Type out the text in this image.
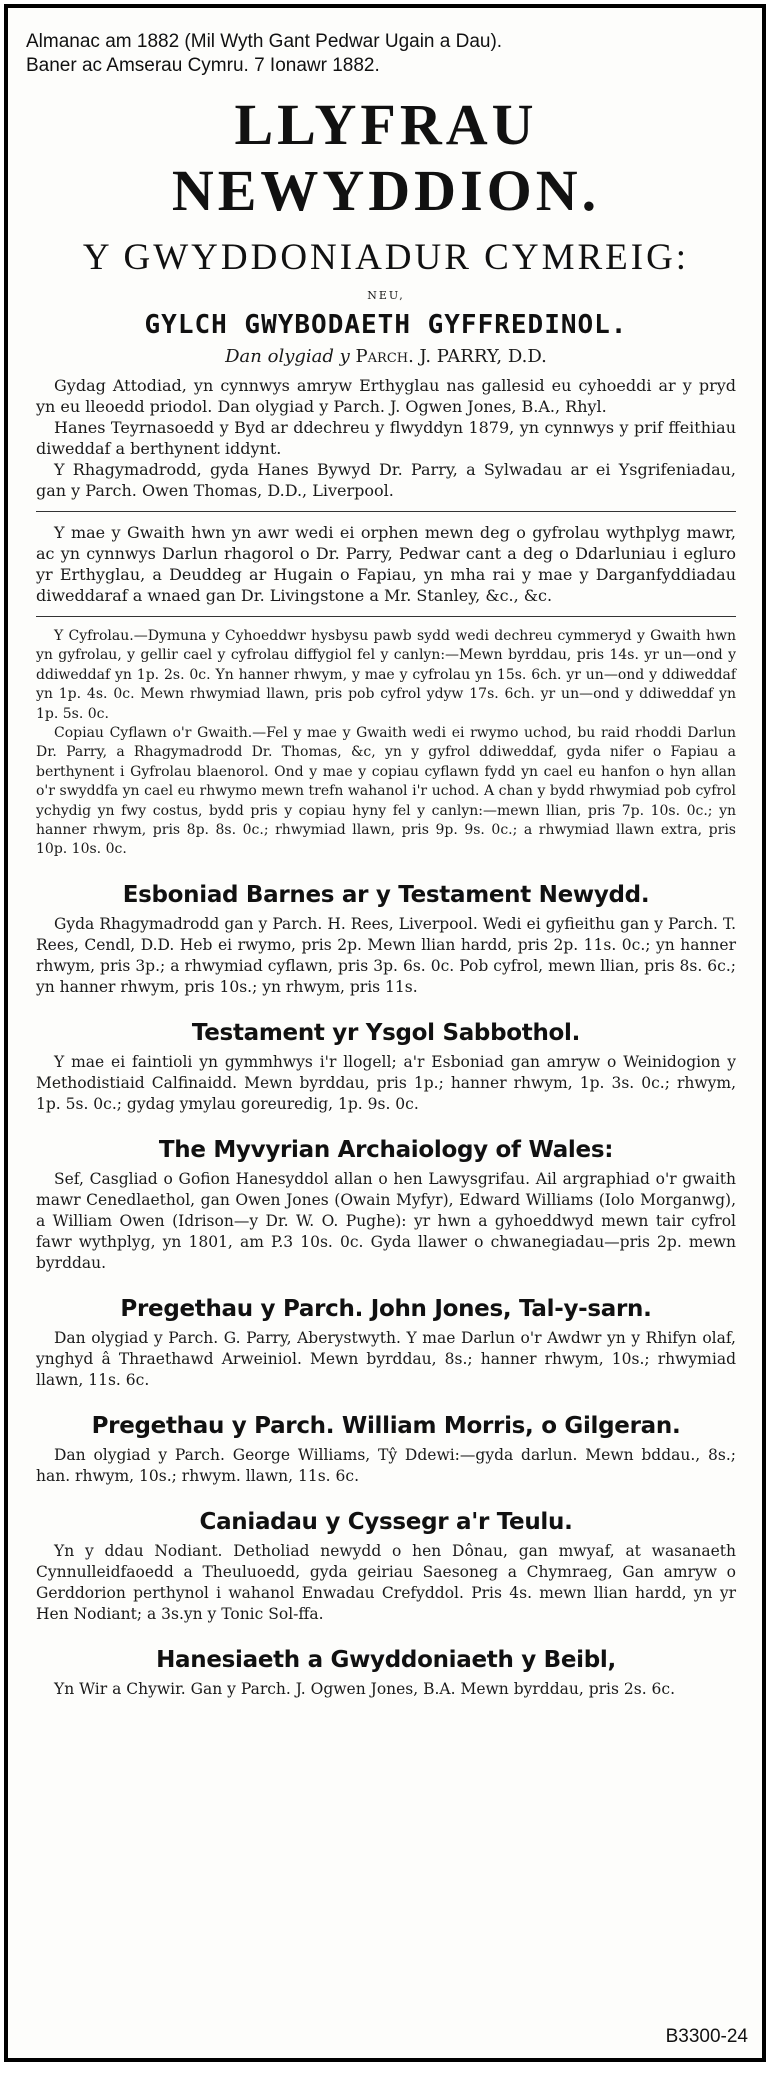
Almanac am 1882 (Mil Wyth Gant Pedwar Ugain a Dau).
Baner ac Amserau Cymru. 7 Ionawr 1882.
LLYFRAU
NEWYDDION.
Y GWYDDONIADUR CYMREIG:
NEU,
GYLCH GWYBODAETH GYFFREDINOL.
Dan olygiad y Parch. J. PARRY, D.D.

Gydag Attodiad, yn cynnwys amryw Erthyglau nas gallesid eu cyhoeddi ar y pryd yn eu lleoedd priodol. Dan olygiad y Parch. J. Ogwen Jones, B.A., Rhyl.

Hanes Teyrnasoedd y Byd ar ddechreu y flwyddyn 1879, yn cynnwys y prif ffeithiau diweddaf a berthynent iddynt.

Y Rhagymadrodd, gyda Hanes Bywyd Dr. Parry, a Sylwadau ar ei Ysgrifeniadau, gan y Parch. Owen Thomas, D.D., Liverpool.

Y mae y Gwaith hwn yn awr wedi ei orphen mewn deg o gyfrolau wythplyg mawr, ac yn cynnwys Darlun rhagorol o Dr. Parry, Pedwar cant a deg o Ddarluniau i egluro yr Erthyglau, a Deuddeg ar Hugain o Fapiau, yn mha rai y mae y Darganfyddiadau diweddaraf a wnaed gan Dr. Livingstone a Mr. Stanley, &c., &c.

Y Cyfrolau.—Dymuna y Cyhoeddwr hysbysu pawb sydd wedi dechreu cymmeryd y Gwaith hwn yn gyfrolau, y gellir cael y cyfrolau diffygiol fel y canlyn:—Mewn byrddau, pris 14s. yr un—ond y ddiweddaf yn 1p. 2s. 0c. Yn hanner rhwym, y mae y cyfrolau yn 15s. 6ch. yr un—ond y ddiweddaf yn 1p. 4s. 0c. Mewn rhwymiad llawn, pris pob cyfrol ydyw 17s. 6ch. yr un—ond y ddiweddaf yn 1p. 5s. 0c.

Copiau Cyflawn o'r Gwaith.—Fel y mae y Gwaith wedi ei rwymo uchod, bu raid rhoddi Darlun Dr. Parry, a Rhagymadrodd Dr. Thomas, &c, yn y gyfrol ddiweddaf, gyda nifer o Fapiau a berthynent i Gyfrolau blaenorol. Ond y mae y copiau cyflawn fydd yn cael eu hanfon o hyn allan o'r swyddfa yn cael eu rhwymo mewn trefn wahanol i'r uchod. A chan y bydd rhwymiad pob cyfrol ychydig yn fwy costus, bydd pris y copiau hyny fel y canlyn:—mewn llian, pris 7p. 10s. 0c.; yn hanner rhwym, pris 8p. 8s. 0c.; rhwymiad llawn, pris 9p. 9s. 0c.; a rhwymiad llawn extra, pris 10p. 10s. 0c.

Esboniad Barnes ar y Testament Newydd.

Gyda Rhagymadrodd gan y Parch. H. Rees, Liverpool. Wedi ei gyfieithu gan y Parch. T. Rees, Cendl, D.D. Heb ei rwymo, pris 2p. Mewn llian hardd, pris 2p. 11s. 0c.; yn hanner rhwym, pris 3p.; a rhwymiad cyflawn, pris 3p. 6s. 0c. Pob cyfrol, mewn llian, pris 8s. 6c.; yn hanner rhwym, pris 10s.; yn rhwym, pris 11s.

Testament yr Ysgol Sabbothol.

Y mae ei faintioli yn gymmhwys i'r llogell; a'r Esboniad gan amryw o Weinidogion y Methodistiaid Calfinaidd. Mewn byrddau, pris 1p.; hanner rhwym, 1p. 3s. 0c.; rhwym, 1p. 5s. 0c.; gydag ymylau goreuredig, 1p. 9s. 0c.

The Myvyrian Archaiology of Wales:

Sef, Casgliad o Gofion Hanesyddol allan o hen Lawysgrifau. Ail argraphiad o'r gwaith mawr Cenedlaethol, gan Owen Jones (Owain Myfyr), Edward Williams (Iolo Morganwg), a William Owen (Idrison—y Dr. W. O. Pughe): yr hwn a gyhoeddwyd mewn tair cyfrol fawr wythplyg, yn 1801, am P.3 10s. 0c. Gyda llawer o chwanegiadau—pris 2p. mewn byrddau.

Pregethau y Parch. John Jones, Tal-y-sarn.

Dan olygiad y Parch. G. Parry, Aberystwyth. Y mae Darlun o'r Awdwr yn y Rhifyn olaf, ynghyd â Thraethawd Arweiniol. Mewn byrddau, 8s.; hanner rhwym, 10s.; rhwymiad llawn, 11s. 6c.

Pregethau y Parch. William Morris, o Gilgeran.

Dan olygiad y Parch. George Williams, Tŷ Ddewi:—gyda darlun. Mewn bddau., 8s.; han. rhwym, 10s.; rhwym. llawn, 11s. 6c.

Caniadau y Cyssegr a'r Teulu.

Yn y ddau Nodiant. Detholiad newydd o hen Dônau, gan mwyaf, at wasanaeth Cynnulleidfaoedd a Theuluoedd, gyda geiriau Saesoneg a Chymraeg, Gan amryw o Gerddorion perthynol i wahanol Enwadau Crefyddol. Pris 4s. mewn llian hardd, yn yr Hen Nodiant; a 3s.yn y Tonic Sol-ffa.

Hanesiaeth a Gwyddoniaeth y Beibl,

Yn Wir a Chywir. Gan y Parch. J. Ogwen Jones, B.A. Mewn byrddau, pris 2s. 6c.

B3300-24
